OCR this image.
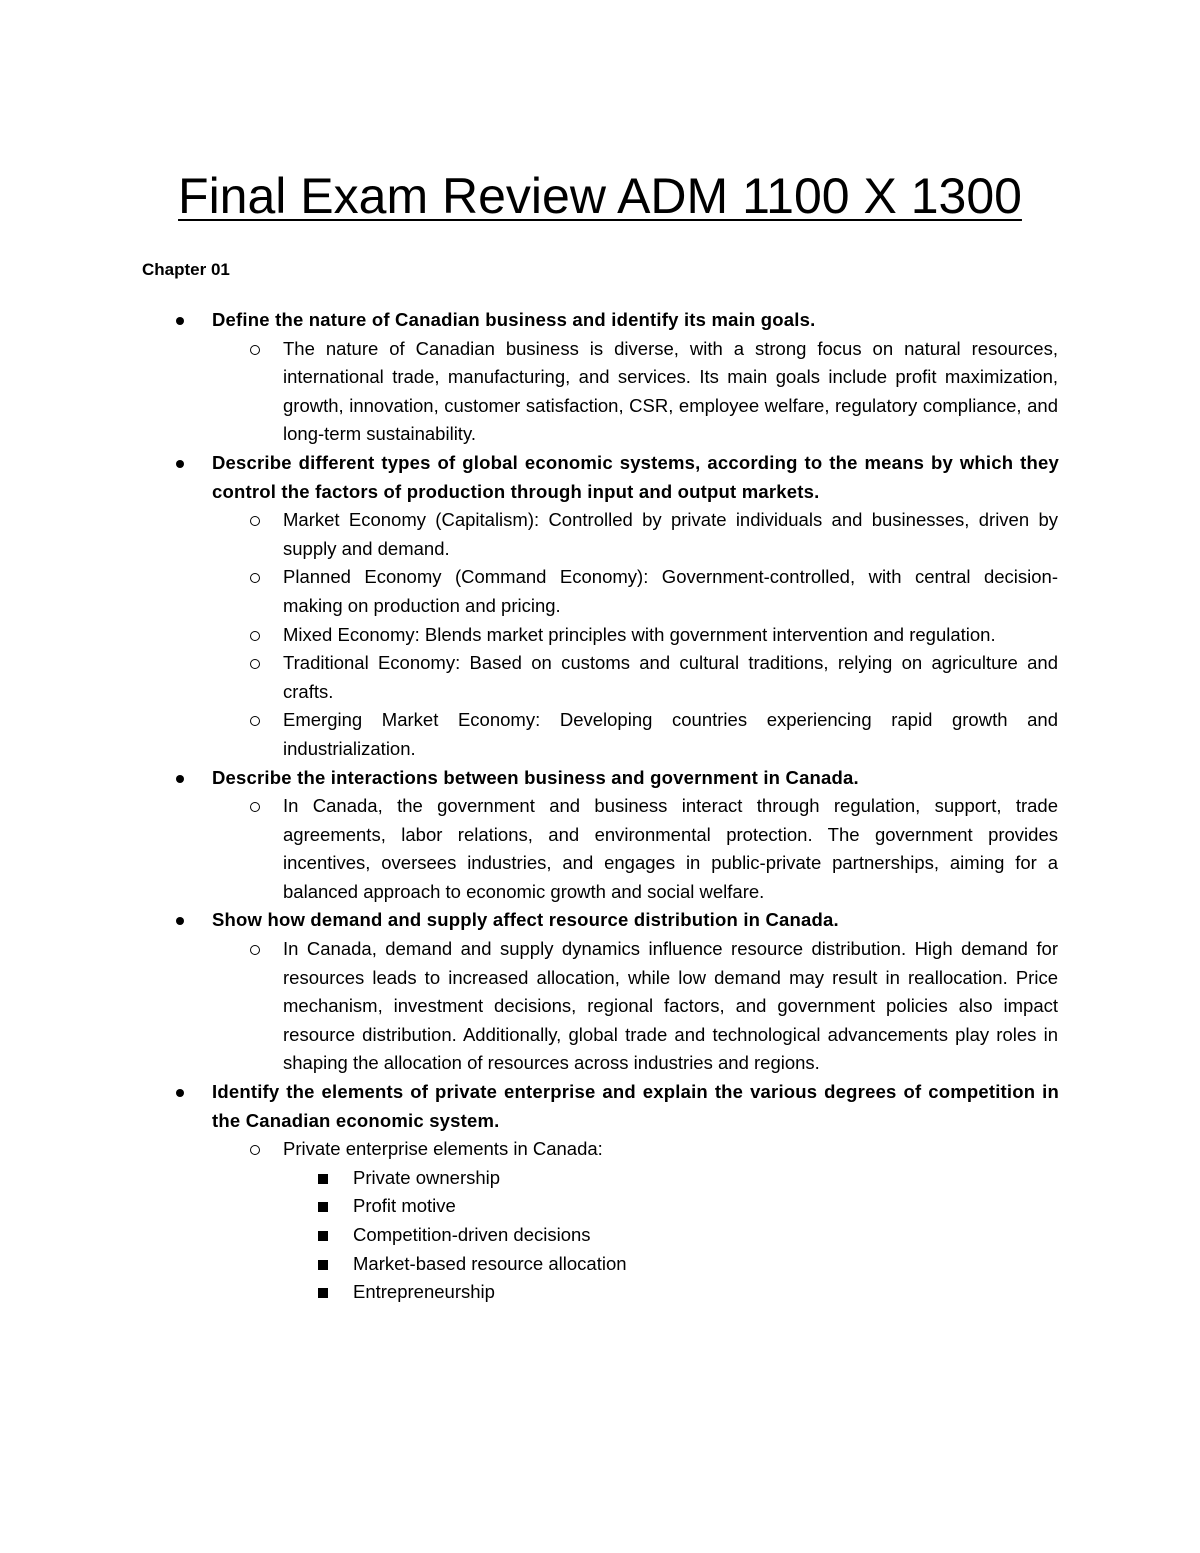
Final Exam Review ADM 1100 X 1300

Chapter 01

Define the nature of Canadian business and identify its main goals.

The nature of Canadian business is diverse, with a strong focus on natural resources, international trade, manufacturing, and services. Its main goals include profit maximization, growth, innovation, customer satisfaction, CSR, employee welfare, regulatory compliance, and long-term sustainability.

Describe different types of global economic systems, according to the means by which they control the factors of production through input and output markets.

Market Economy (Capitalism): Controlled by private individuals and businesses, driven by supply and demand.

Planned Economy (Command Economy): Government-controlled, with central decision-making on production and pricing.

Mixed Economy: Blends market principles with government intervention and regulation.

Traditional Economy: Based on customs and cultural traditions, relying on agriculture and crafts.

Emerging Market Economy: Developing countries experiencing rapid growth and industrialization.

Describe the interactions between business and government in Canada.

In Canada, the government and business interact through regulation, support, trade agreements, labor relations, and environmental protection. The government provides incentives, oversees industries, and engages in public-private partnerships, aiming for a balanced approach to economic growth and social welfare.

Show how demand and supply affect resource distribution in Canada.

In Canada, demand and supply dynamics influence resource distribution. High demand for resources leads to increased allocation, while low demand may result in reallocation. Price mechanism, investment decisions, regional factors, and government policies also impact resource distribution. Additionally, global trade and technological advancements play roles in shaping the allocation of resources across industries and regions.

Identify the elements of private enterprise and explain the various degrees of competition in the Canadian economic system.

Private enterprise elements in Canada:

Private ownership

Profit motive

Competition-driven decisions

Market-based resource allocation

Entrepreneurship
